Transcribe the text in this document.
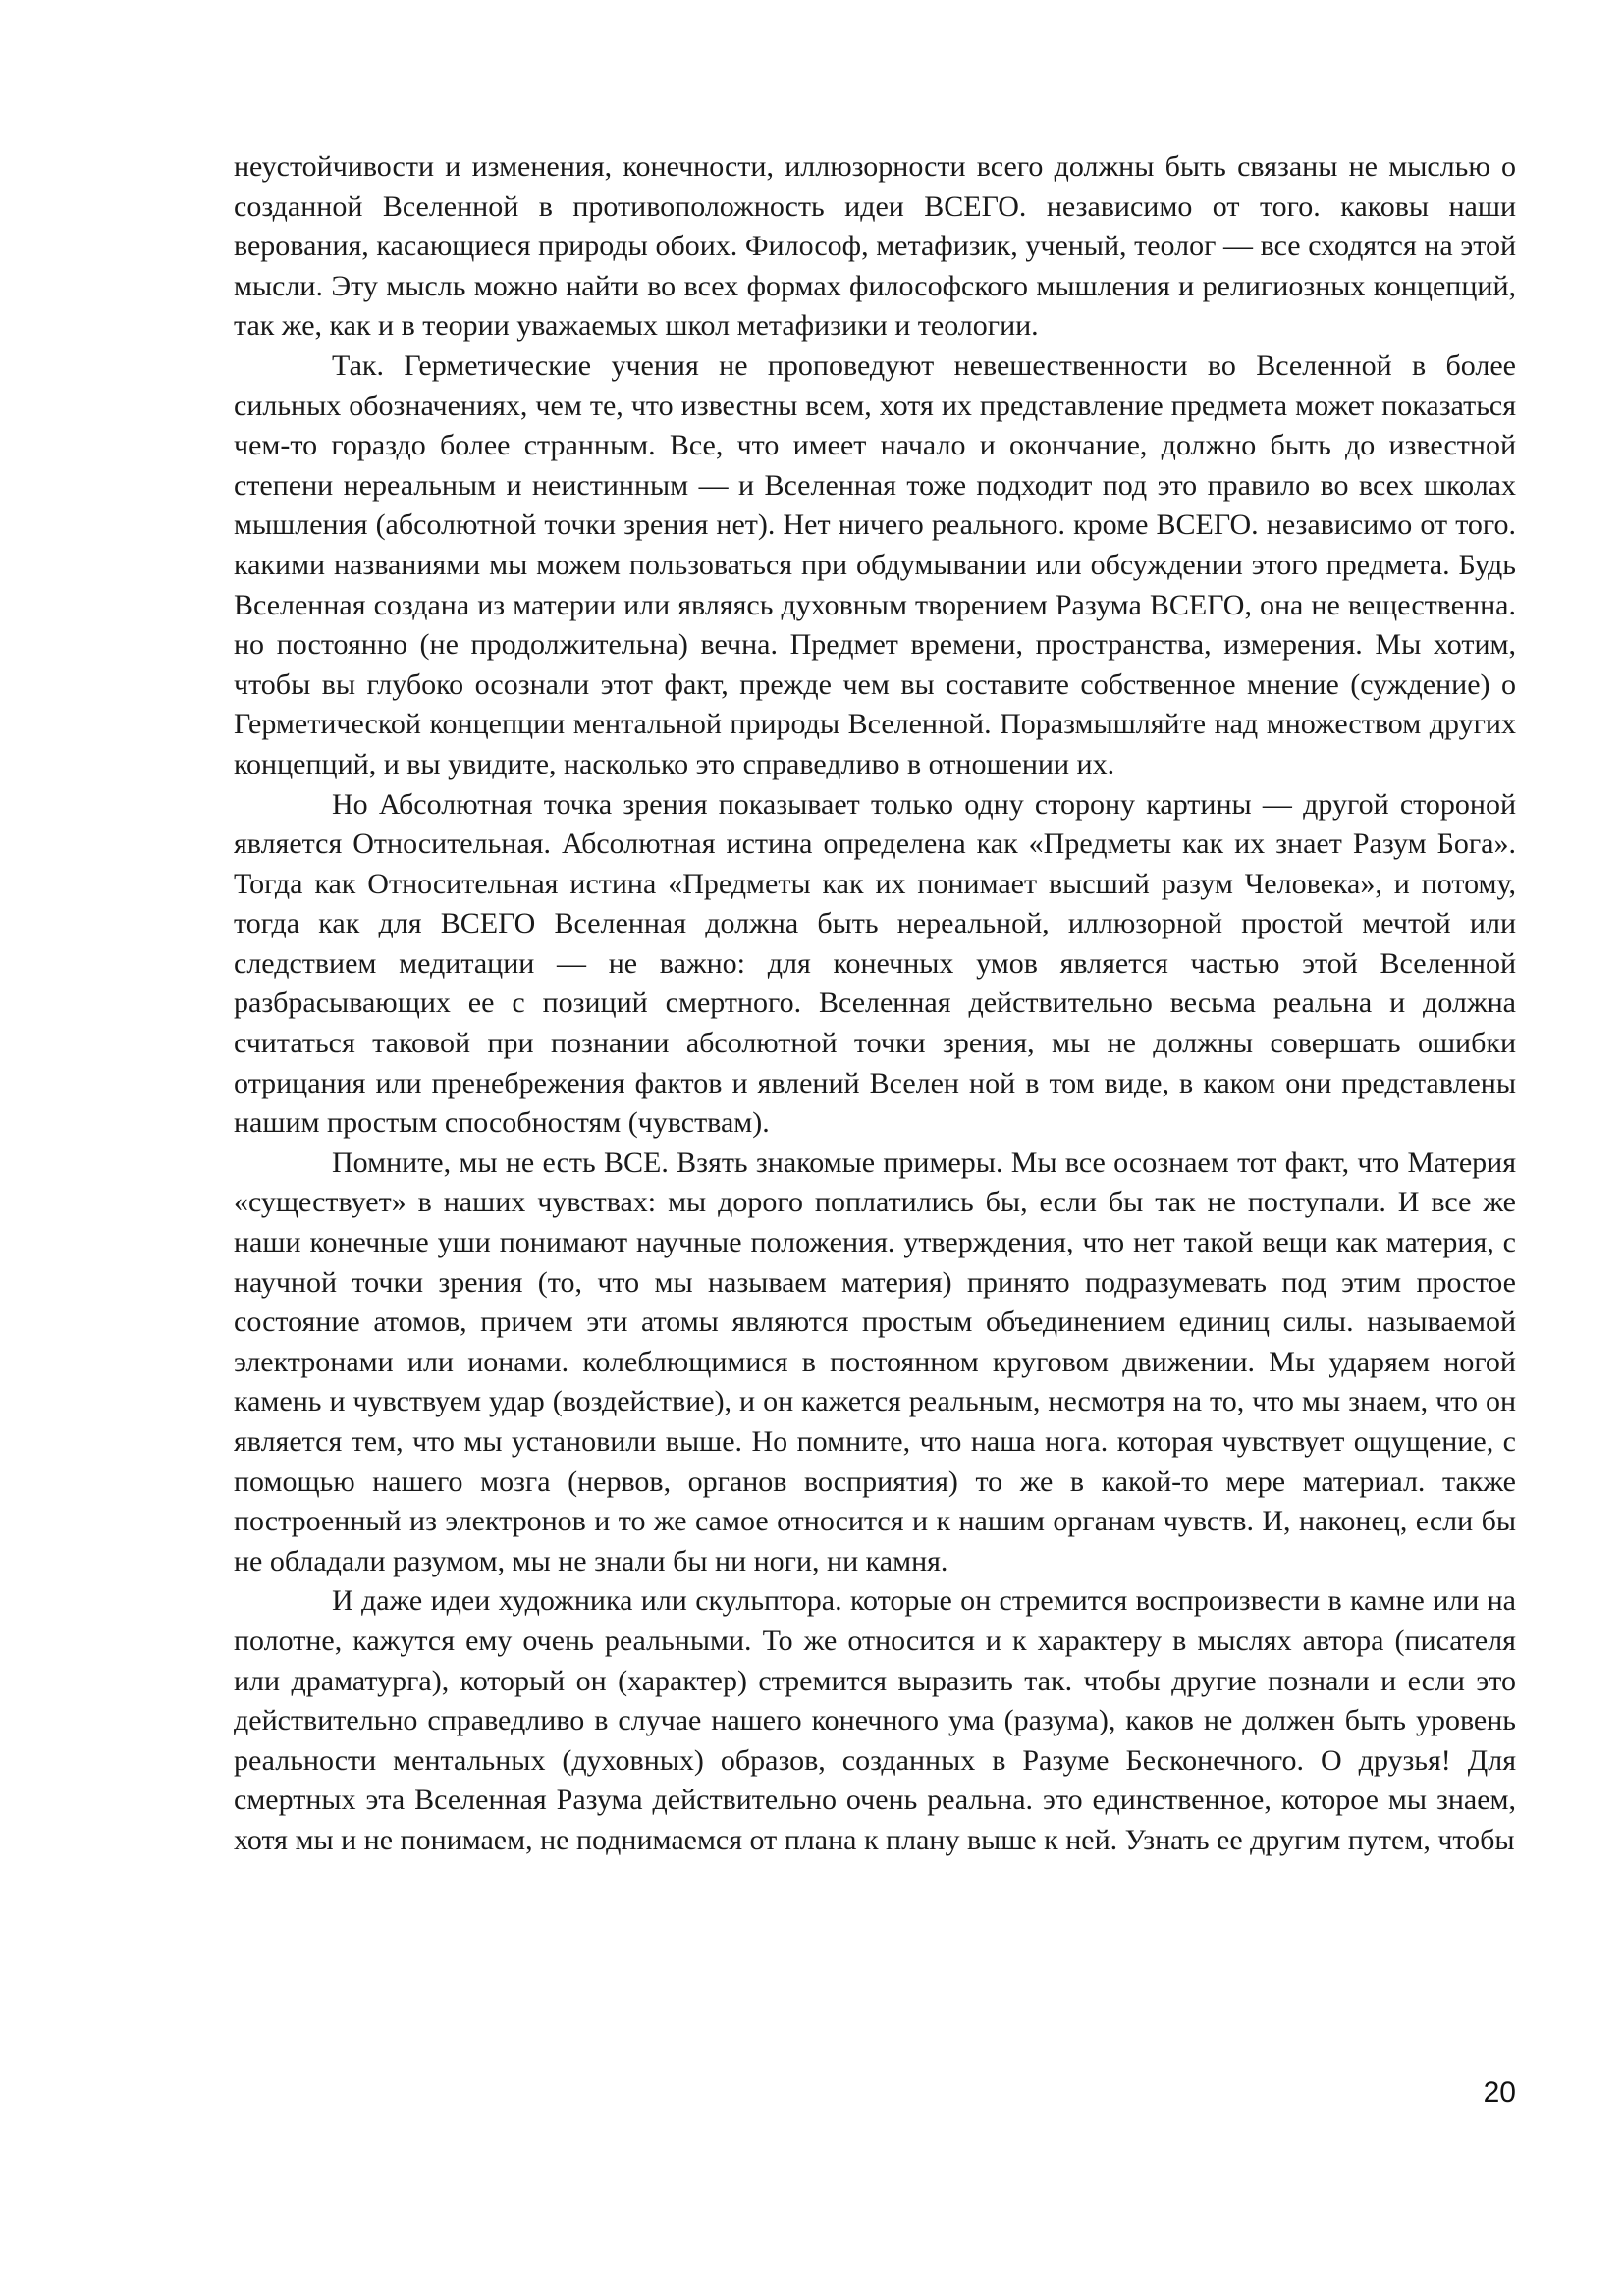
неустойчивости и изменения, конечности, иллюзорности всего должны быть связаны не мыслью о созданной Вселенной в противоположность идеи ВСЕГО. независимо от того. каковы наши верования, касающиеся природы обоих. Философ, метафизик, ученый, теолог — все сходятся на этой мысли. Эту мысль можно найти во всех формах философского мышления и религиозных концепций, так же, как и в теории уважаемых школ метафизики и теологии.

Так. Герметические учения не проповедуют невешественности во Вселенной в более сильных обозначениях, чем те, что известны всем, хотя их представление предмета может показаться чем-то гораздо более странным. Все, что имеет начало и окончание, должно быть до известной степени нереальным и неистинным — и Вселенная тоже подходит под это правило во всех школах мышления (абсолютной точки зрения нет). Нет ничего реального. кроме ВСЕГО. независимо от того. какими названиями мы можем пользоваться при обдумывании или обсуждении этого предмета. Будь Вселенная создана из материи или являясь духовным творением Разума ВСЕГО, она не вещественна. но постоянно (не продолжительна) вечна. Предмет времени, пространства, измерения. Мы хотим, чтобы вы глубоко осознали этот факт, прежде чем вы составите собственное мнение (суждение) о Герметической концепции ментальной природы Вселенной. Поразмышляйте над множеством других концепций, и вы увидите, насколько это справедливо в отношении их.

Но Абсолютная точка зрения показывает только одну сторону картины — другой стороной является Относительная. Абсолютная истина определена как «Предметы как их знает Разум Бога». Тогда как Относительная истина «Предметы как их понимает высший разум Человека», и потому, тогда как для ВСЕГО Вселенная должна быть нереальной, иллюзорной простой мечтой или следствием медитации — не важно: для конечных умов является частью этой Вселенной разбрасывающих ее с позиций смертного. Вселенная действительно весьма реальна и должна считаться таковой при познании абсолютной точки зрения, мы не должны совершать ошибки отрицания или пренебрежения фактов и явлений Вселен ной в том виде, в каком они представлены нашим простым способностям (чувствам).

Помните, мы не есть ВСЕ. Взять знакомые примеры. Мы все осознаем тот факт, что Материя «существует» в наших чувствах: мы дорого поплатились бы, если бы так не поступали. И все же наши конечные уши понимают научные положения. утверждения, что нет такой вещи как материя, с научной точки зрения (то, что мы называем материя) принято подразумевать под этим простое состояние атомов, причем эти атомы являются простым объединением единиц силы. называемой электронами или ионами. колеблющимися в постоянном круговом движении. Мы ударяем ногой камень и чувствуем удар (воздействие), и он кажется реальным, несмотря на то, что мы знаем, что он является тем, что мы установили выше. Но помните, что наша нога. которая чувствует ощущение, с помощью нашего мозга (нервов, органов восприятия) то же в какой-то мере материал. также построенный из электронов и то же самое относится и к нашим органам чувств. И, наконец, если бы не обладали разумом, мы не знали бы ни ноги, ни камня.

И даже идеи художника или скульптора. которые он стремится воспроизвести в камне или на полотне, кажутся ему очень реальными. То же относится и к характеру в мыслях автора (писателя или драматурга), который он (характер) стремится выразить так. чтобы другие познали и если это действительно справедливо в случае нашего конечного ума (разума), каков не должен быть уровень реальности ментальных (духовных) образов, созданных в Разуме Бесконечного. О друзья! Для смертных эта Вселенная Разума действительно очень реальна. это единственное, которое мы знаем, хотя мы и не понимаем, не поднимаемся от плана к плану выше к ней. Узнать ее другим путем, чтобы

20
